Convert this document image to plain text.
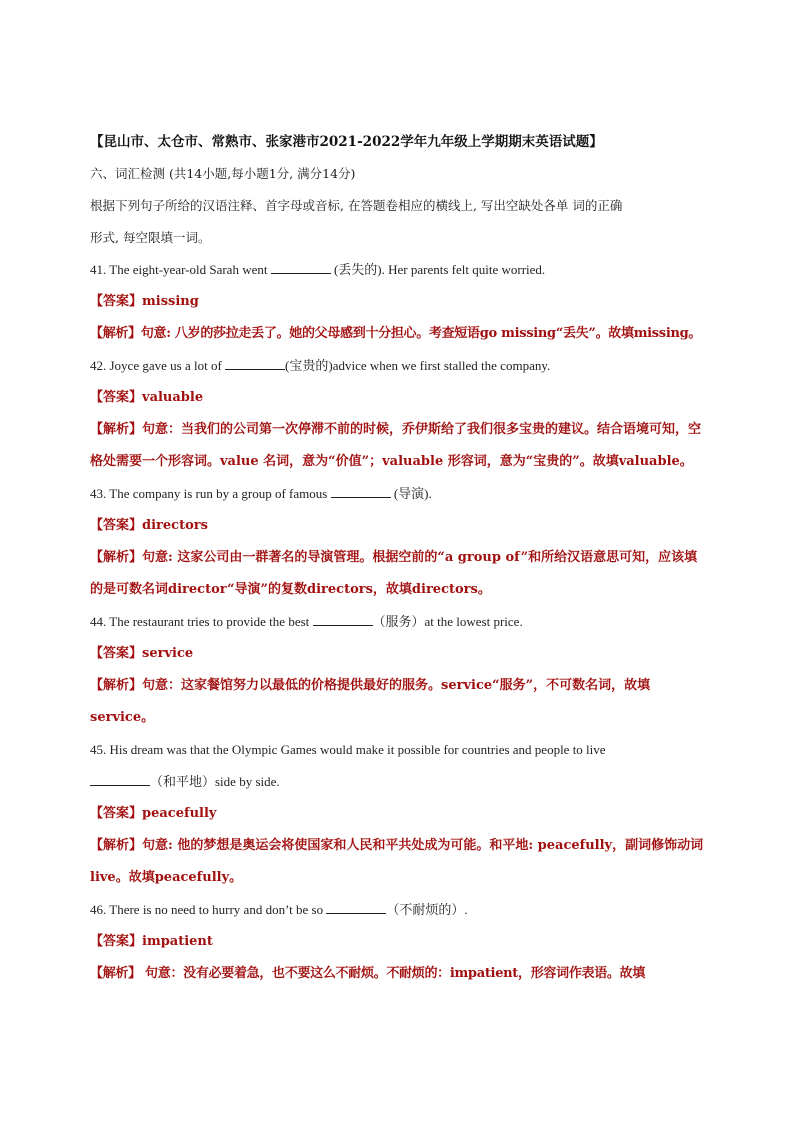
【昆山市、太仓市、常熟市、张家港市2021-2022学年九年级上学期期末英语试题】
六、词汇检测 (共14小题,每小题1分, 满分14分)
根据下列句子所给的汉语注释、首字母或音标, 在答题卷相应的横线上, 写出空缺处各单 词的正确
形式, 每空限填一词。
41. The eight-year-old Sarah went	(丢失的). Her parents felt quite worried.
【答案】missing
【解析】句意: 八岁的莎拉走丢了。她的父母感到十分担心。考查短语go missing“丢失”。故填missing。
42. Joyce gave us a lot of	(宝贵的)advice when we first stalled the company.
【答案】valuable
【解析】句意：当我们的公司第一次停滞不前的时候，乔伊斯给了我们很多宝贵的建议。结合语境可知，空格处需要一个形容词。value 名词，意为“价值”；valuable 形容词，意为“宝贵的”。故填valuable。
43. The company is run by a group of famous	(导演).
【答案】directors
【解析】句意: 这家公司由一群著名的导演管理。根据空前的“a group of”和所给汉语意思可知，应该填的是可数名词director“导演”的复数directors，故填directors。
44. The restaurant tries to provide the best	（服务）at the lowest price.
【答案】service
【解析】句意：这家餐馆努力以最低的价格提供最好的服务。service“服务”，不可数名词，故填service。
45. His dream was that the Olympic Games would make it possible for countries and people to live
（和平地）side by side.
【答案】peacefully
【解析】句意: 他的梦想是奥运会将使国家和人民和平共处成为可能。和平地: peacefully，副词修饰动词live。故填peacefully。
46. There is no need to hurry and don’t be so	（不耐烦的）.
【答案】impatient
【解析】 句意：没有必要着急，也不要这么不耐烦。不耐烦的：impatient，形容词作表语。故填
